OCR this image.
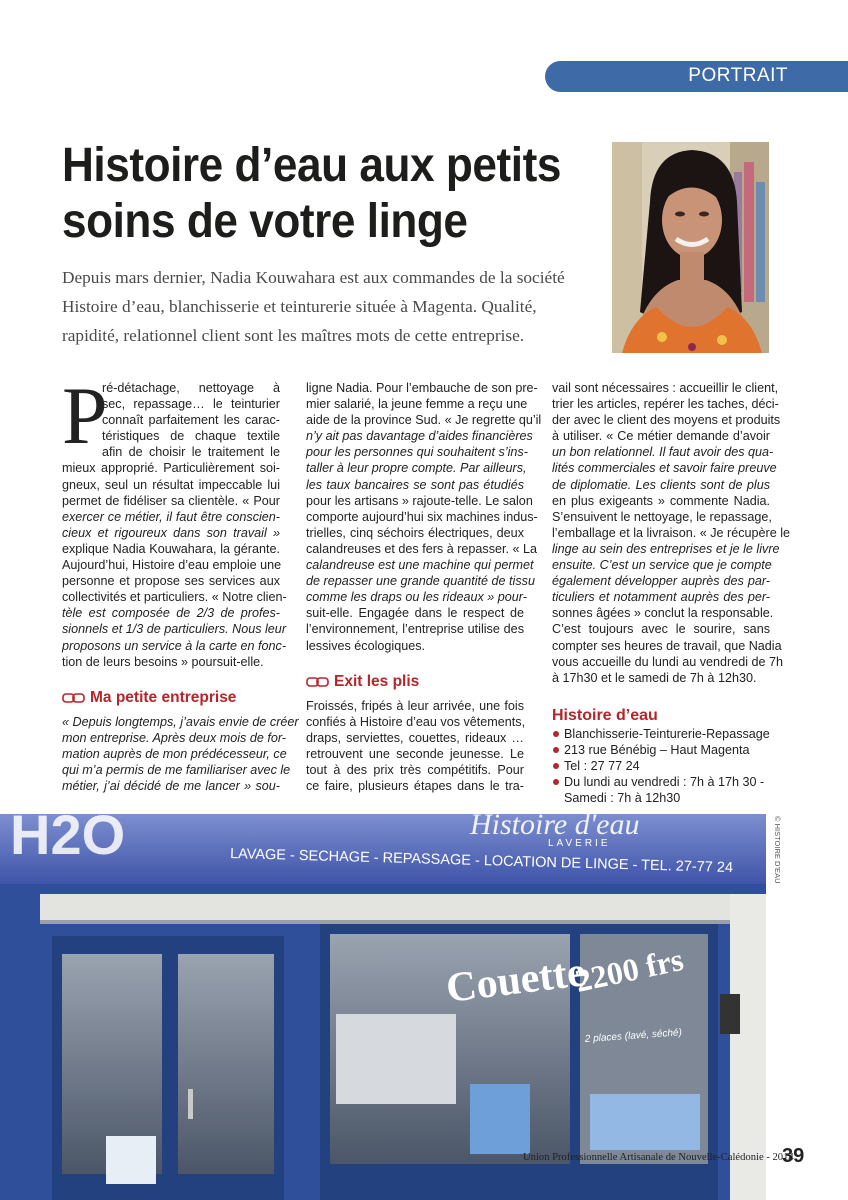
PORTRAIT
Histoire d’eau aux petits
soins de votre linge
Depuis mars dernier, Nadia Kouwahara est aux commandes de la société
Histoire d’eau, blanchisserie et teinturerie située à Magenta. Qualité,
rapidité, relationnel client sont les maîtres mots de cette entreprise.
P
ré-détachage, nettoyage à
sec, repassage… le teinturier
connaît parfaitement les carac-
téristiques de chaque textile
afin de choisir le traitement le
mieux approprié. Particulièrement soi-
gneux, seul un résultat impeccable lui
permet de fidéliser sa clientèle. « Pour
exercer ce métier, il faut être conscien-
cieux et rigoureux dans son travail »
explique Nadia Kouwahara, la gérante.
Aujourd’hui, Histoire d’eau emploie une
personne et propose ses services aux
collectivités et particuliers. « Notre clien-
tèle est composée de 2/3 de profes-
sionnels et 1/3 de particuliers. Nous leur
proposons un service à la carte en fonc-
tion de leurs besoins » poursuit-elle.
Ma petite entreprise
« Depuis longtemps, j’avais envie de créer
mon entreprise. Après deux mois de for-
mation auprès de mon prédécesseur, ce
qui m’a permis de me familiariser avec le
métier, j’ai décidé de me lancer » sou-
ligne Nadia. Pour l’embauche de son pre-
mier salarié, la jeune femme a reçu une
aide de la province Sud. « Je regrette qu’il
n’y ait pas davantage d’aides financières
pour les personnes qui souhaitent s’ins-
taller à leur propre compte. Par ailleurs,
les taux bancaires se sont pas étudiés
pour les artisans » rajoute-telle. Le salon
comporte aujourd’hui six machines indus-
trielles, cinq séchoirs électriques, deux
calandreuses et des fers à repasser. « La
calandreuse est une machine qui permet
de repasser une grande quantité de tissu
comme les draps ou les rideaux » pour-
suit-elle. Engagée dans le respect de
l’environnement, l’entreprise utilise des
lessives écologiques.
Exit les plis
Froissés, fripés à leur arrivée, une fois
confiés à Histoire d’eau vos vêtements,
draps, serviettes, couettes, rideaux …
retrouvent une seconde jeunesse. Le
tout à des prix très compétitifs. Pour
ce faire, plusieurs étapes dans le tra-
vail sont nécessaires : accueillir le client,
trier les articles, repérer les taches, déci-
der avec le client des moyens et produits
à utiliser. « Ce métier demande d’avoir
un bon relationnel. Il faut avoir des qua-
lités commerciales et savoir faire preuve
de diplomatie. Les clients sont de plus
en plus exigeants » commente Nadia.
S’ensuivent le nettoyage, le repassage,
l’emballage et la livraison. « Je récupère le
linge au sein des entreprises et je le livre
ensuite. C’est un service que je compte
également développer auprès des par-
ticuliers et notamment auprès des per-
sonnes âgées » conclut la responsable.
C’est toujours avec le sourire, sans
compter ses heures de travail, que Nadia
vous accueille du lundi au vendredi de 7h
à 17h30 et le samedi de 7h à 12h30.
Histoire d’eau
Blanchisserie-Teinturerie-Repassage
213 rue Bénébig – Haut Magenta
Tel : 27 77 24
Du lundi au vendredi : 7h à 17h 30 -
Samedi : 7h à 12h30
H2O	Histoire d'eau
LAVERIE
LAVAGE - SECHAGE - REPASSAGE - LOCATION DE LINGE - TEL. 27-77 24
Couette
2200 frs
2 places (lavé, séché)
© HISTOIRE D’EAU
Union Professionnelle Artisanale de Nouvelle-Calédonie - 2014
39
